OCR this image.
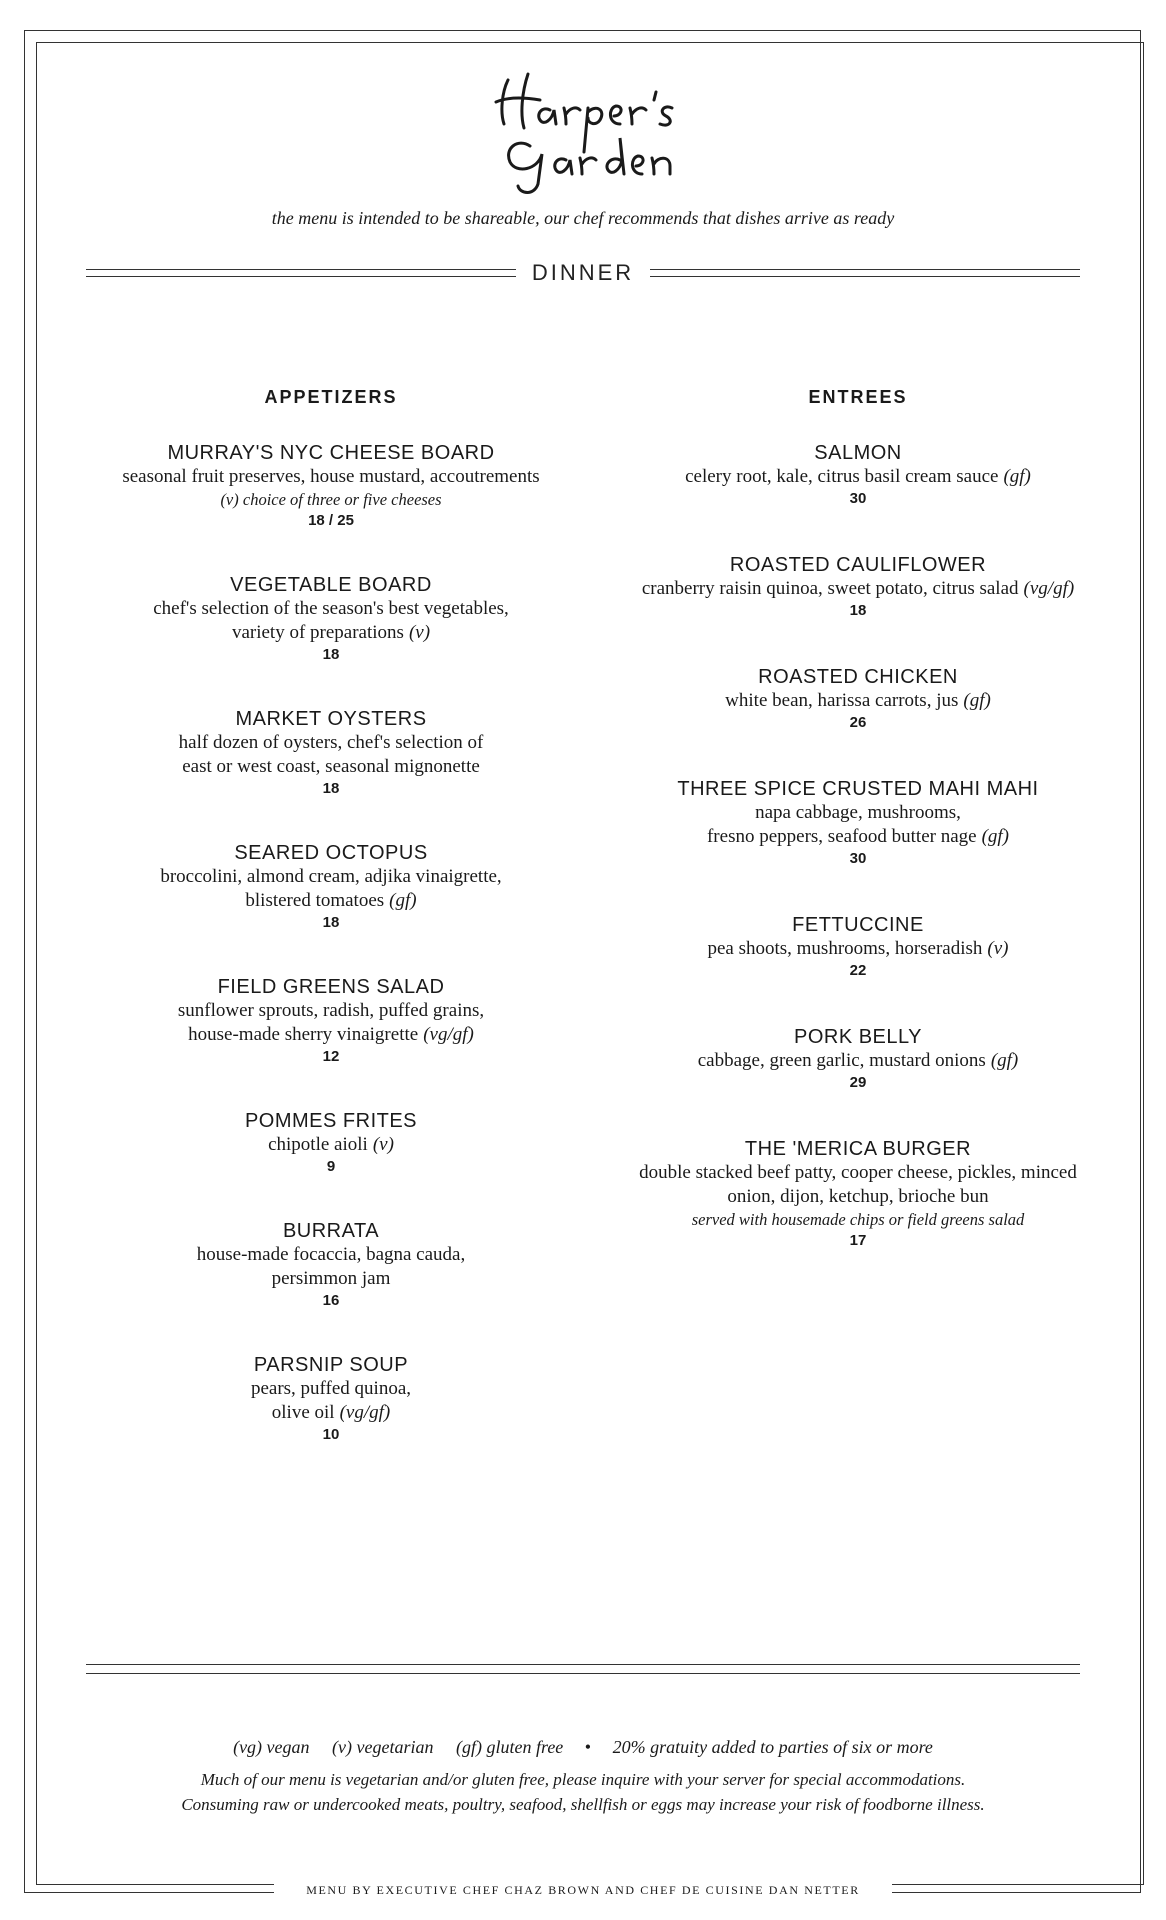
the menu is intended to be shareable, our chef recommends that dishes arrive as ready
DINNER
APPETIZERS
MURRAY'S NYC CHEESE BOARD
seasonal fruit preserves, house mustard, accoutrements
(v) choice of three or five cheeses
18 / 25
VEGETABLE BOARD
chef's selection of the season's best vegetables,
variety of preparations (v)
18
MARKET OYSTERS
half dozen of oysters, chef's selection of
east or west coast, seasonal mignonette
18
SEARED OCTOPUS
broccolini, almond cream, adjika vinaigrette,
blistered tomatoes (gf)
18
FIELD GREENS SALAD
sunflower sprouts, radish, puffed grains,
house-made sherry vinaigrette (vg/gf)
12
POMMES FRITES
chipotle aioli (v)
9
BURRATA
house-made focaccia, bagna cauda,
persimmon jam
16
PARSNIP SOUP
pears, puffed quinoa,
olive oil (vg/gf)
10
ENTREES
SALMON
celery root, kale, citrus basil cream sauce (gf)
30
ROASTED CAULIFLOWER
cranberry raisin quinoa, sweet potato, citrus salad (vg/gf)
18
ROASTED CHICKEN
white bean, harissa carrots, jus (gf)
26
THREE SPICE CRUSTED MAHI MAHI
napa cabbage, mushrooms,
fresno peppers, seafood butter nage (gf)
30
FETTUCCINE
pea shoots, mushrooms, horseradish (v)
22
PORK BELLY
cabbage, green garlic, mustard onions (gf)
29
THE 'MERICA BURGER
double stacked beef patty, cooper cheese, pickles, minced
onion, dijon, ketchup, brioche bun
served with housemade chips or field greens salad
17
(vg) vegan (v) vegetarian (gf) gluten free • 20% gratuity added to parties of six or more
Much of our menu is vegetarian and/or gluten free, please inquire with your server for special accommodations.
Consuming raw or undercooked meats, poultry, seafood, shellfish or eggs may increase your risk of foodborne illness.
MENU BY EXECUTIVE CHEF CHAZ BROWN AND CHEF DE CUISINE DAN NETTER
